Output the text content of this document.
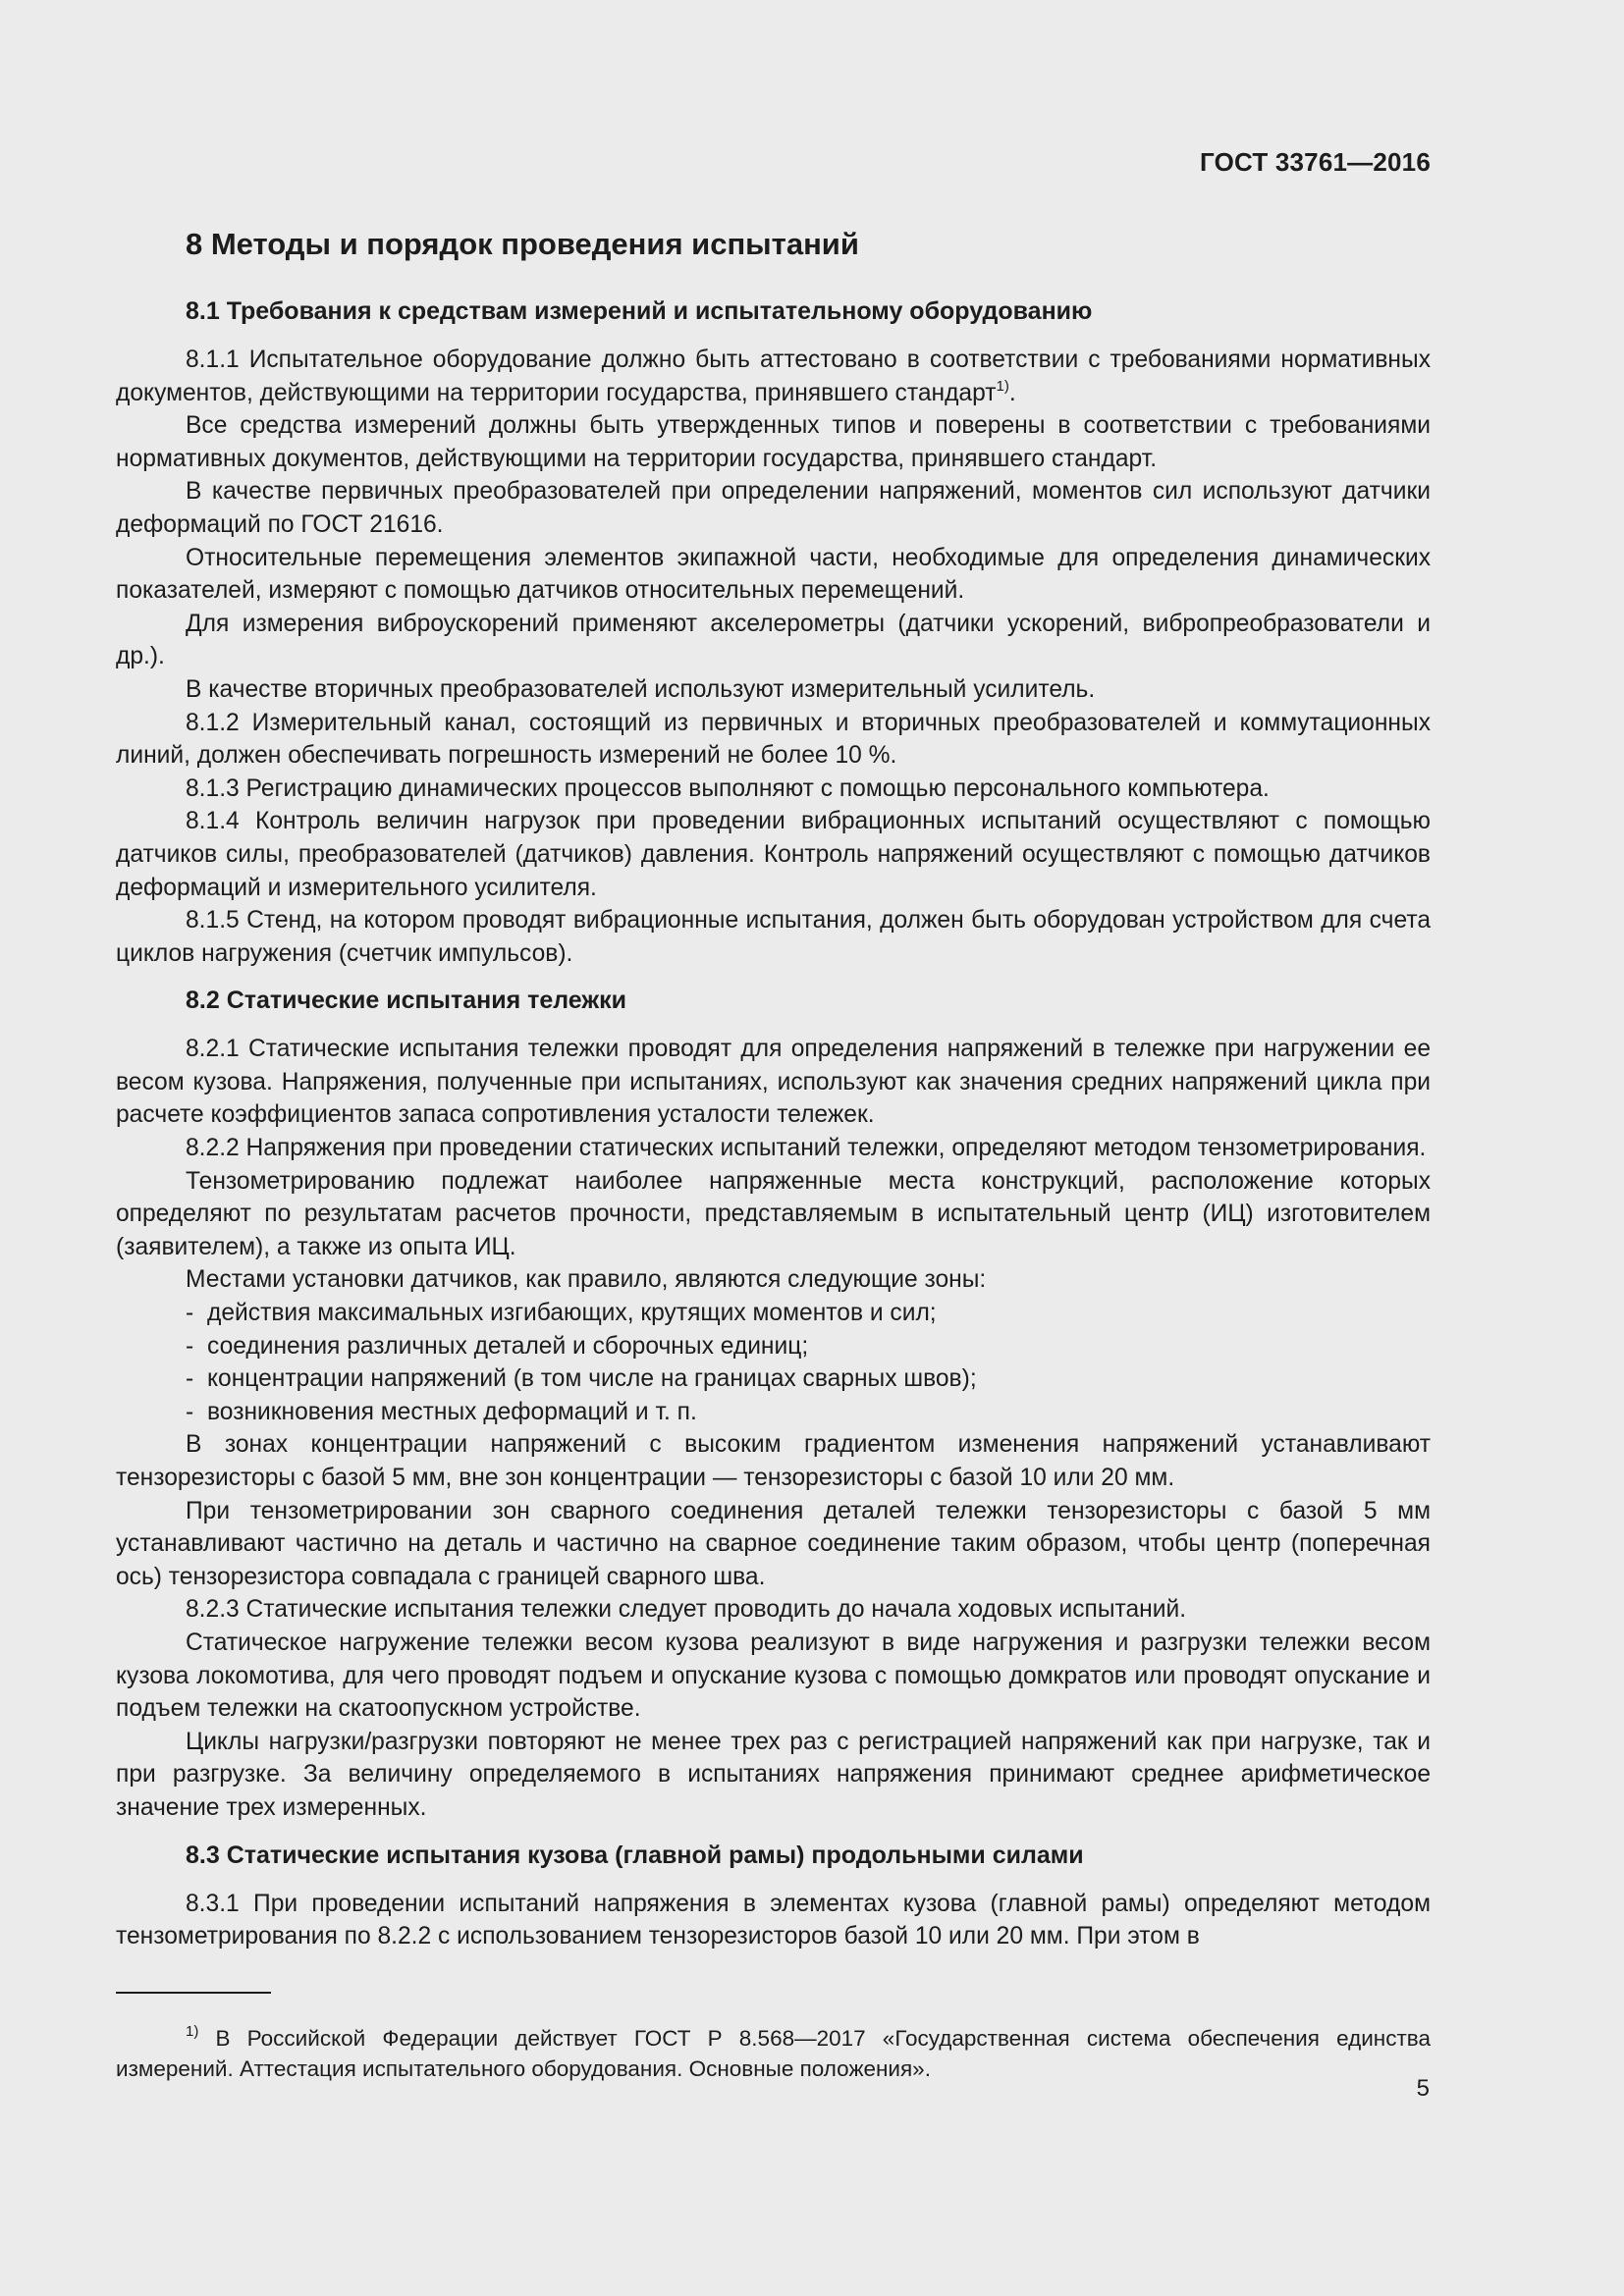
ГОСТ 33761—2016
8 Методы и порядок проведения испытаний
8.1 Требования к средствам измерений и испытательному оборудованию

8.1.1 Испытательное оборудование должно быть аттестовано в соответствии с требованиями нормативных документов, действующими на территории государства, принявшего стандарт$^{1)}$.

Все средства измерений должны быть утвержденных типов и поверены в соответствии с требованиями нормативных документов, действующими на территории государства, принявшего стандарт.

В качестве первичных преобразователей при определении напряжений, моментов сил используют датчики деформаций по ГОСТ 21616.

Относительные перемещения элементов экипажной части, необходимые для определения динамических показателей, измеряют с помощью датчиков относительных перемещений.

Для измерения виброускорений применяют акселерометры (датчики ускорений, вибропреобразователи и др.).

В качестве вторичных преобразователей используют измерительный усилитель.

8.1.2 Измерительный канал, состоящий из первичных и вторичных преобразователей и коммутационных линий, должен обеспечивать погрешность измерений не более 10 %.

8.1.3 Регистрацию динамических процессов выполняют с помощью персонального компьютера.

8.1.4 Контроль величин нагрузок при проведении вибрационных испытаний осуществляют с помощью датчиков силы, преобразователей (датчиков) давления. Контроль напряжений осуществляют с помощью датчиков деформаций и измерительного усилителя.

8.1.5 Стенд, на котором проводят вибрационные испытания, должен быть оборудован устройством для счета циклов нагружения (счетчик импульсов).

8.2 Статические испытания тележки

8.2.1 Статические испытания тележки проводят для определения напряжений в тележке при нагружении ее весом кузова. Напряжения, полученные при испытаниях, используют как значения средних напряжений цикла при расчете коэффициентов запаса сопротивления усталости тележек.

8.2.2 Напряжения при проведении статических испытаний тележки, определяют методом тензометрирования.

Тензометрированию подлежат наиболее напряженные места конструкций, расположение которых определяют по результатам расчетов прочности, представляемым в испытательный центр (ИЦ) изготовителем (заявителем), а также из опыта ИЦ.

Местами установки датчиков, как правило, являются следующие зоны:

- действия максимальных изгибающих, крутящих моментов и сил;
- соединения различных деталей и сборочных единиц;
- концентрации напряжений (в том числе на границах сварных швов);
- возникновения местных деформаций и т. п.

В зонах концентрации напряжений с высоким градиентом изменения напряжений устанавливают тензорезисторы с базой 5 мм, вне зон концентрации — тензорезисторы с базой 10 или 20 мм.

При тензометрировании зон сварного соединения деталей тележки тензорезисторы с базой 5 мм устанавливают частично на деталь и частично на сварное соединение таким образом, чтобы центр (поперечная ось) тензорезистора совпадала с границей сварного шва.

8.2.3 Статические испытания тележки следует проводить до начала ходовых испытаний.

Статическое нагружение тележки весом кузова реализуют в виде нагружения и разгрузки тележки весом кузова локомотива, для чего проводят подъем и опускание кузова с помощью домкратов или проводят опускание и подъем тележки на скатоопускном устройстве.

Циклы нагрузки/разгрузки повторяют не менее трех раз с регистрацией напряжений как при нагрузке, так и при разгрузке. За величину определяемого в испытаниях напряжения принимают среднее арифметическое значение трех измеренных.

8.3 Статические испытания кузова (главной рамы) продольными силами

8.3.1 При проведении испытаний напряжения в элементах кузова (главной рамы) определяют методом тензометрирования по 8.2.2 с использованием тензорезисторов базой 10 или 20 мм. При этом в

$^{1)}$ В Российской Федерации действует ГОСТ Р 8.568—2017 «Государственная система обеспечения единства измерений. Аттестация испытательного оборудования. Основные положения».

5
